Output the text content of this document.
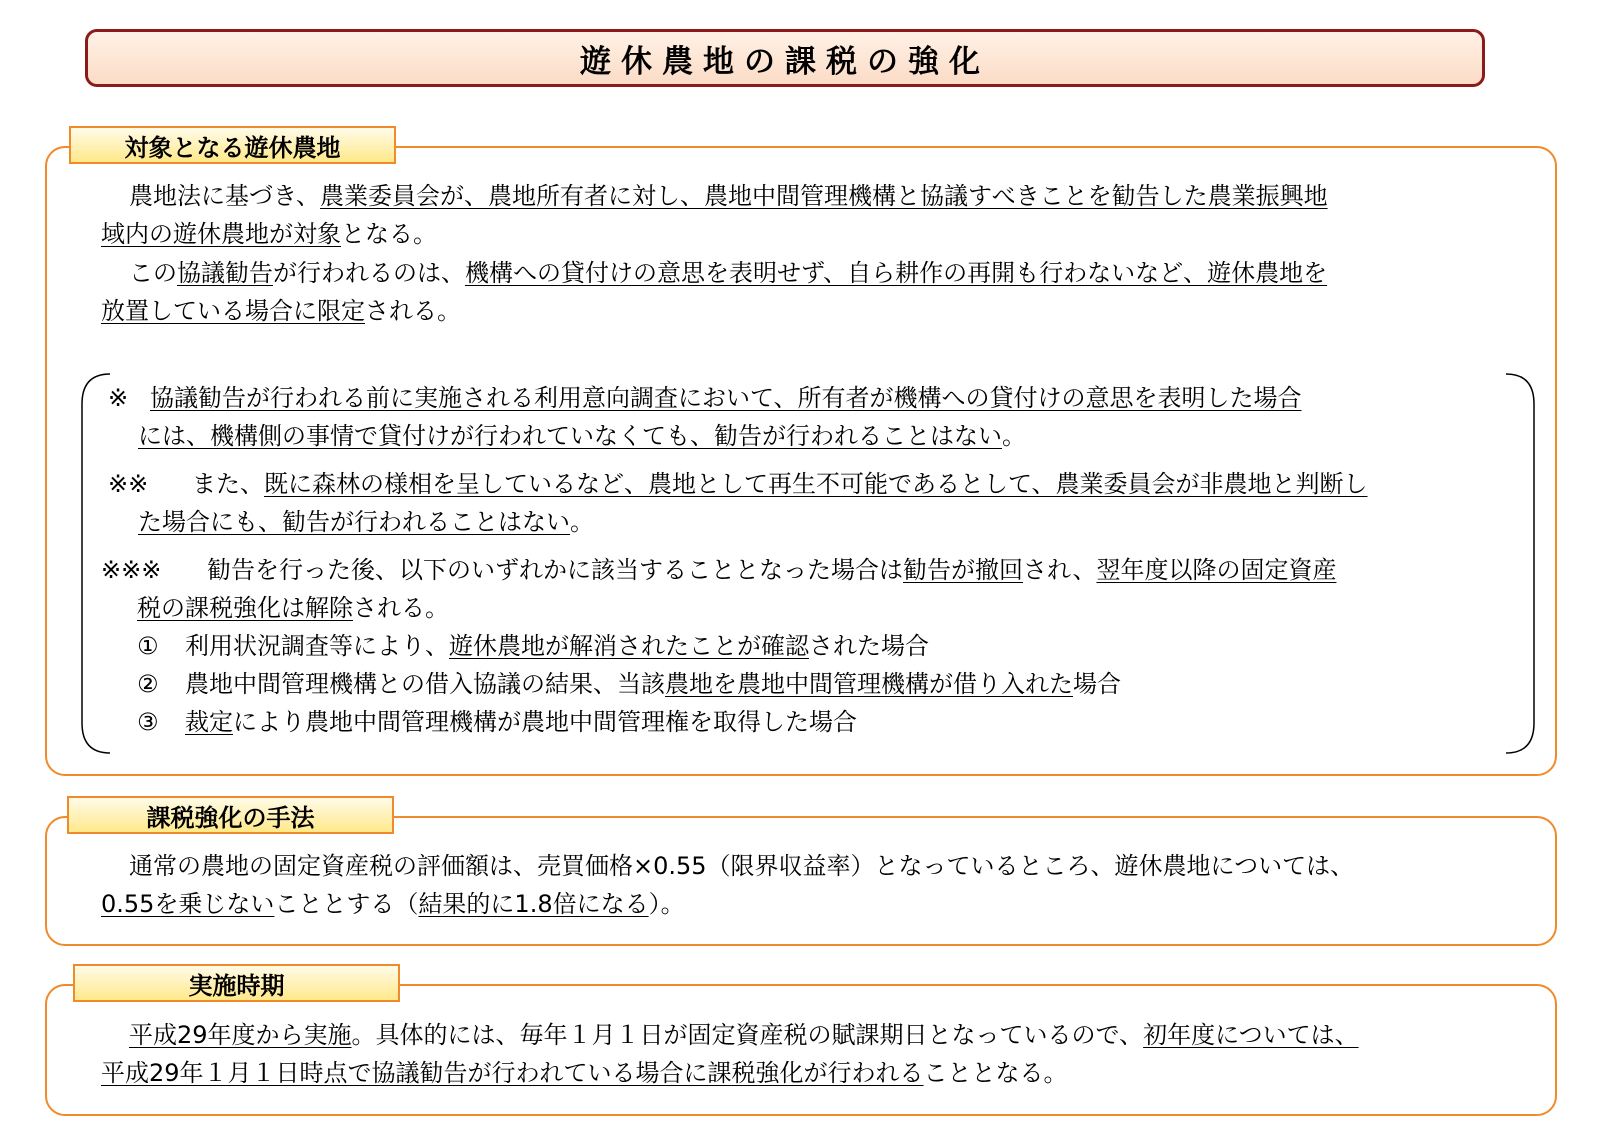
遊休農地の課税の強化
対象となる遊休農地

農地法に基づき、農業委員会が、農地所有者に対し、農地中間管理機構と協議すべきことを勧告した農業振興地

域内の遊休農地が対象となる。

この協議勧告が行われるのは、機構への貸付けの意思を表明せず、自ら耕作の再開も行わないなど、遊休農地を

放置している場合に限定される。

※ 協議勧告が行われる前に実施される利用意向調査において、所有者が機構への貸付けの意思を表明した場合
には、機構側の事情で貸付けが行われていなくても、勧告が行われることはない。
※※ また、既に森林の様相を呈しているなど、農地として再生不可能であるとして、農業委員会が非農地と判断し
た場合にも、勧告が行われることはない。
※※※ 勧告を行った後、以下のいずれかに該当することとなった場合は勧告が撤回され、翌年度以降の固定資産
税の課税強化は解除される。
① 利用状況調査等により、遊休農地が解消されたことが確認された場合
② 農地中間管理機構との借入協議の結果、当該農地を農地中間管理機構が借り入れた場合
③ 裁定により農地中間管理機構が農地中間管理権を取得した場合
課税強化の手法

通常の農地の固定資産税の評価額は、売買価格×0.55（限界収益率）となっているところ、遊休農地については、

0.55を乗じないこととする（結果的に1.8倍になる）。

実施時期

平成29年度から実施。具体的には、毎年１月１日が固定資産税の賦課期日となっているので、初年度については、

平成29年１月１日時点で協議勧告が行われている場合に課税強化が行われることとなる。
